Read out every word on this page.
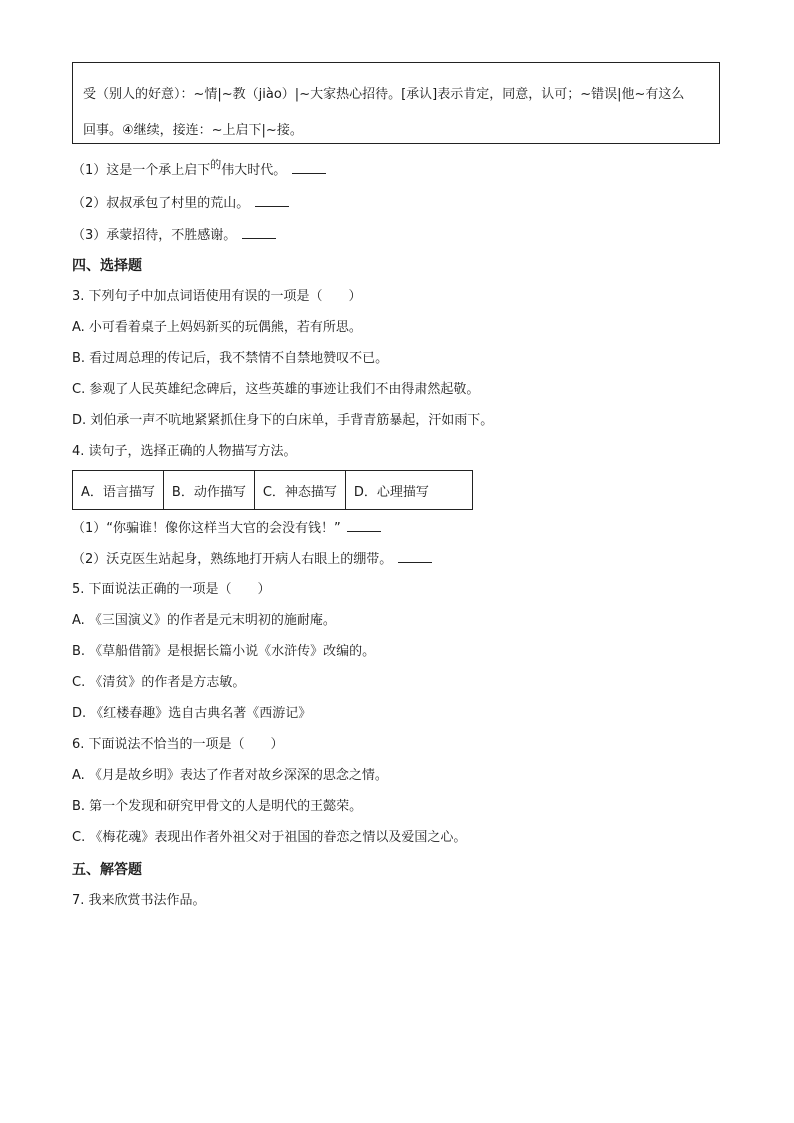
受（别人的好意）：~情|~教（jiào）|~大家热心招待。[承认]表示肯定，同意，认可；~错误|他~有这么
回事。④继续，接连：~上启下|~接。
（1）这是一个承上启下$^的$伟大时代。
（2）叔叔承包了村里的荒山。
（3）承蒙招待，不胜感谢。
四、选择题
3. 下列句子中加点词语使用有误的一项是（　　）
A. 小可看着桌子上妈妈新买的玩偶熊，若有所思。
B. 看过周总理的传记后，我不禁情不自禁地赞叹不已。
C. 参观了人民英雄纪念碑后，这些英雄的事迹让我们不由得肃然起敬。
D. 刘伯承一声不吭地紧紧抓住身下的白床单，手背青筋暴起，汗如雨下。
4. 读句子，选择正确的人物描写方法。
A．语言描写	B．动作描写	C．神态描写	D．心理描写
（1）“你骗谁！像你这样当大官的会没有钱！”
（2）沃克医生站起身，熟练地打开病人右眼上的绷带。
5. 下面说法正确的一项是（　　）
A. 《三国演义》的作者是元末明初的施耐庵。
B. 《草船借箭》是根据长篇小说《水浒传》改编的。
C. 《清贫》的作者是方志敏。
D. 《红楼春趣》选自古典名著《西游记》
6. 下面说法不恰当的一项是（　　）
A. 《月是故乡明》表达了作者对故乡深深的思念之情。
B. 第一个发现和研究甲骨文的人是明代的王懿荣。
C. 《梅花魂》表现出作者外祖父对于祖国的眷恋之情以及爱国之心。
五、解答题
7. 我来欣赏书法作品。
